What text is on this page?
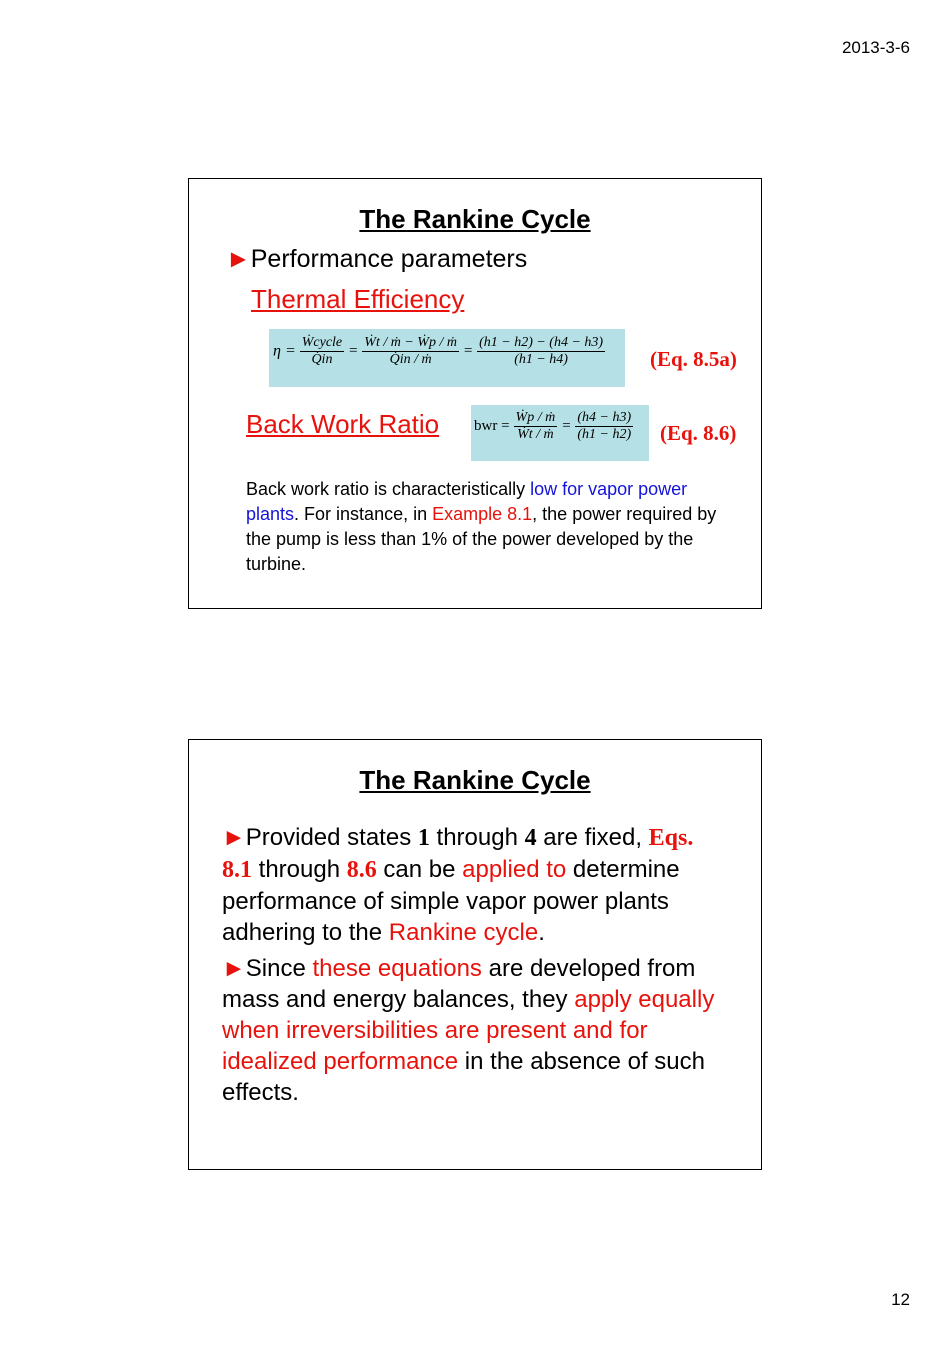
2013-3-6
The Rankine Cycle
►Performance parameters
Thermal Efficiency
$\eta = \frac{\text{Ẇcycle}}{Q̇in} = \frac{\text{Ẇt / ṁ − Ẇp / ṁ}}{\text{Q̇in / ṁ}} = \frac{(h1 - h2) - (h4 - h3)}{(h1 - h4)} (Eq$. 8.5a)
Back Work Ratio bwr = $\frac{\text{Ẇp / ṁ}}{\text{Ẇt / ṁ}} = \frac{(h4 - h3)}{(h1 - h2)} (Eq$. 8.6)
Back work ratio is characteristically low for vapor power plants. For instance, in Example 8.1, the power required by the pump is less than 1% of the power developed by the turbine.
The Rankine Cycle

►Provided states 1 through 4 are fixed, Eqs. 8.1 through 8.6 can be applied to determine performance of simple vapor power plants adhering to the Rankine cycle.

►Since these equations are developed from mass and energy balances, they apply equally when irreversibilities are present and for idealized performance in the absence of such effects.

12
